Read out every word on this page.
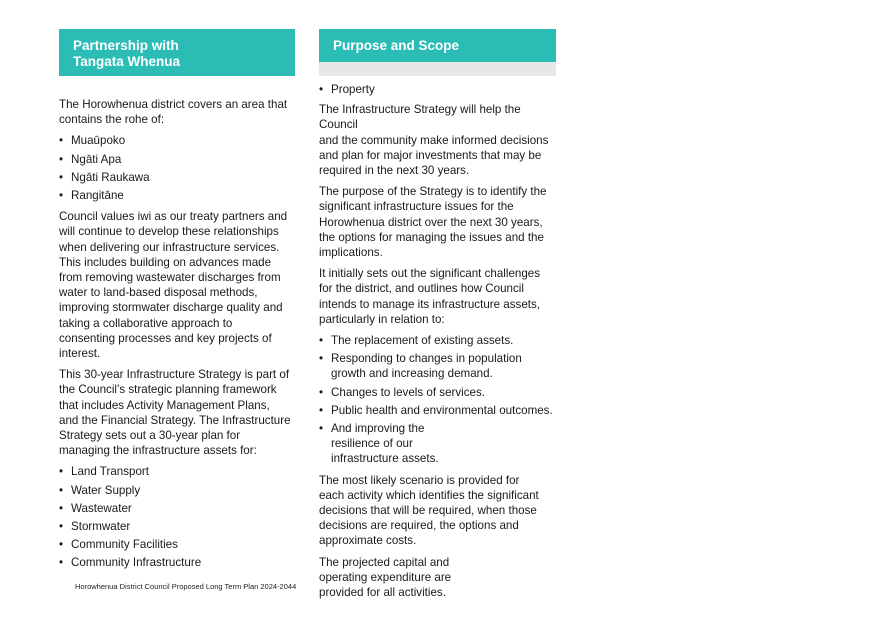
Partnership with
Tangata Whenua
Purpose and Scope

The Horowhenua district covers an area that
contains the rohe of:

• Muaūpoko
• Ngāti Apa
• Ngāti Raukawa
• Rangitāne

Council values iwi as our treaty partners and
will continue to develop these relationships
when delivering our infrastructure services.
This includes building on advances made
from removing wastewater discharges from
water to land-based disposal methods,
improving stormwater discharge quality and
taking a collaborative approach to
consenting processes and key projects of
interest.

This 30-year Infrastructure Strategy is part of
the Council’s strategic planning framework
that includes Activity Management Plans,
and the Financial Strategy. The Infrastructure
Strategy sets out a 30-year plan for
managing the infrastructure assets for:

• Land Transport
• Water Supply
• Wastewater
• Stormwater
• Community Facilities
• Community Infrastructure
• Property

The Infrastructure Strategy will help the Council
and the community make informed decisions
and plan for major investments that may be
required in the next 30 years.

The purpose of the Strategy is to identify the
significant infrastructure issues for the
Horowhenua district over the next 30 years,
the options for managing the issues and the
implications.

It initially sets out the significant challenges
for the district, and outlines how Council
intends to manage its infrastructure assets,
particularly in relation to:

• The replacement of existing assets.
• Responding to changes in population
growth and increasing demand.
• Changes to levels of services.
• Public health and environmental outcomes.
• And improving the
resilience of our
infrastructure assets.

The most likely scenario is provided for
each activity which identifies the significant
decisions that will be required, when those
decisions are required, the options and
approximate costs.

The projected capital and
operating expenditure are
provided for all activities.

Horowhenua District Council Proposed Long Term Plan 2024-2044
